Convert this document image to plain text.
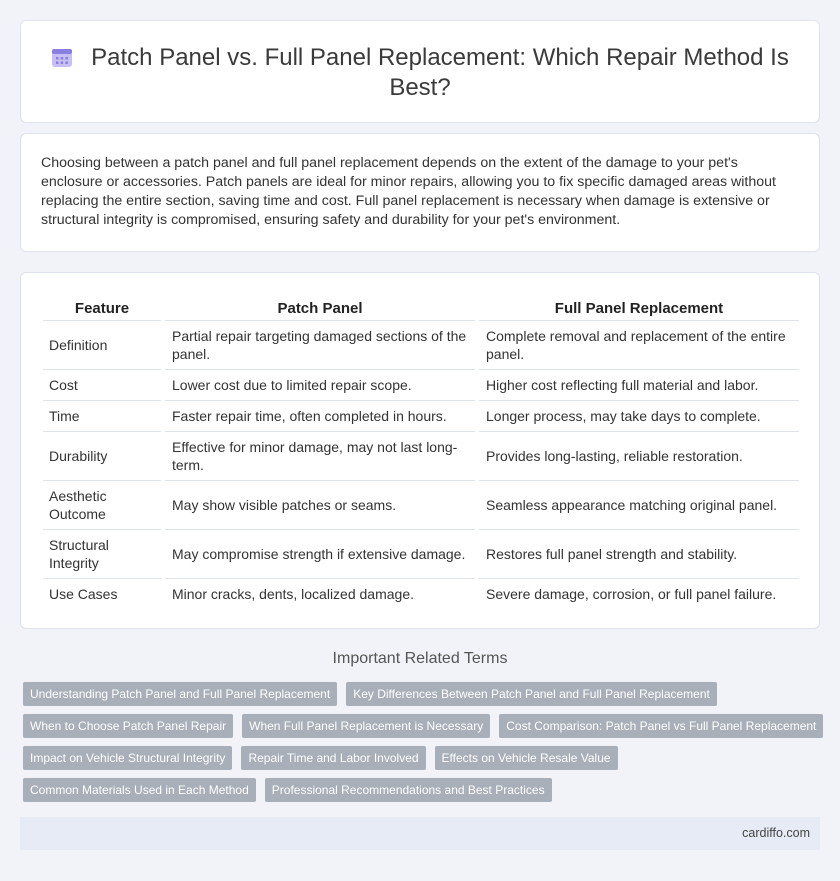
Patch Panel vs. Full Panel Replacement: Which Repair Method Is Best?

Choosing between a patch panel and full panel replacement depends on the extent of the damage to your pet's enclosure or accessories. Patch panels are ideal for minor repairs, allowing you to fix specific damaged areas without replacing the entire section, saving time and cost. Full panel replacement is necessary when damage is extensive or structural integrity is compromised, ensuring safety and durability for your pet's environment.

Feature	Patch Panel	Full Panel Replacement
Definition	Partial repair targeting damaged sections of the panel.	Complete removal and replacement of the entire panel.
Cost	Lower cost due to limited repair scope.	Higher cost reflecting full material and labor.
Time	Faster repair time, often completed in hours.	Longer process, may take days to complete.
Durability	Effective for minor damage, may not last long-term.	Provides long-lasting, reliable restoration.
Aesthetic Outcome	May show visible patches or seams.	Seamless appearance matching original panel.
Structural Integrity	May compromise strength if extensive damage.	Restores full panel strength and stability.
Use Cases	Minor cracks, dents, localized damage.	Severe damage, corrosion, or full panel failure.
Important Related Terms
Understanding Patch Panel and Full Panel Replacement	Key Differences Between Patch Panel and Full Panel Replacement
When to Choose Patch Panel Repair	When Full Panel Replacement is Necessary	Cost Comparison: Patch Panel vs Full Panel Replacement
Impact on Vehicle Structural Integrity	Repair Time and Labor Involved	Effects on Vehicle Resale Value
Common Materials Used in Each Method	Professional Recommendations and Best Practices
cardiffo.com
